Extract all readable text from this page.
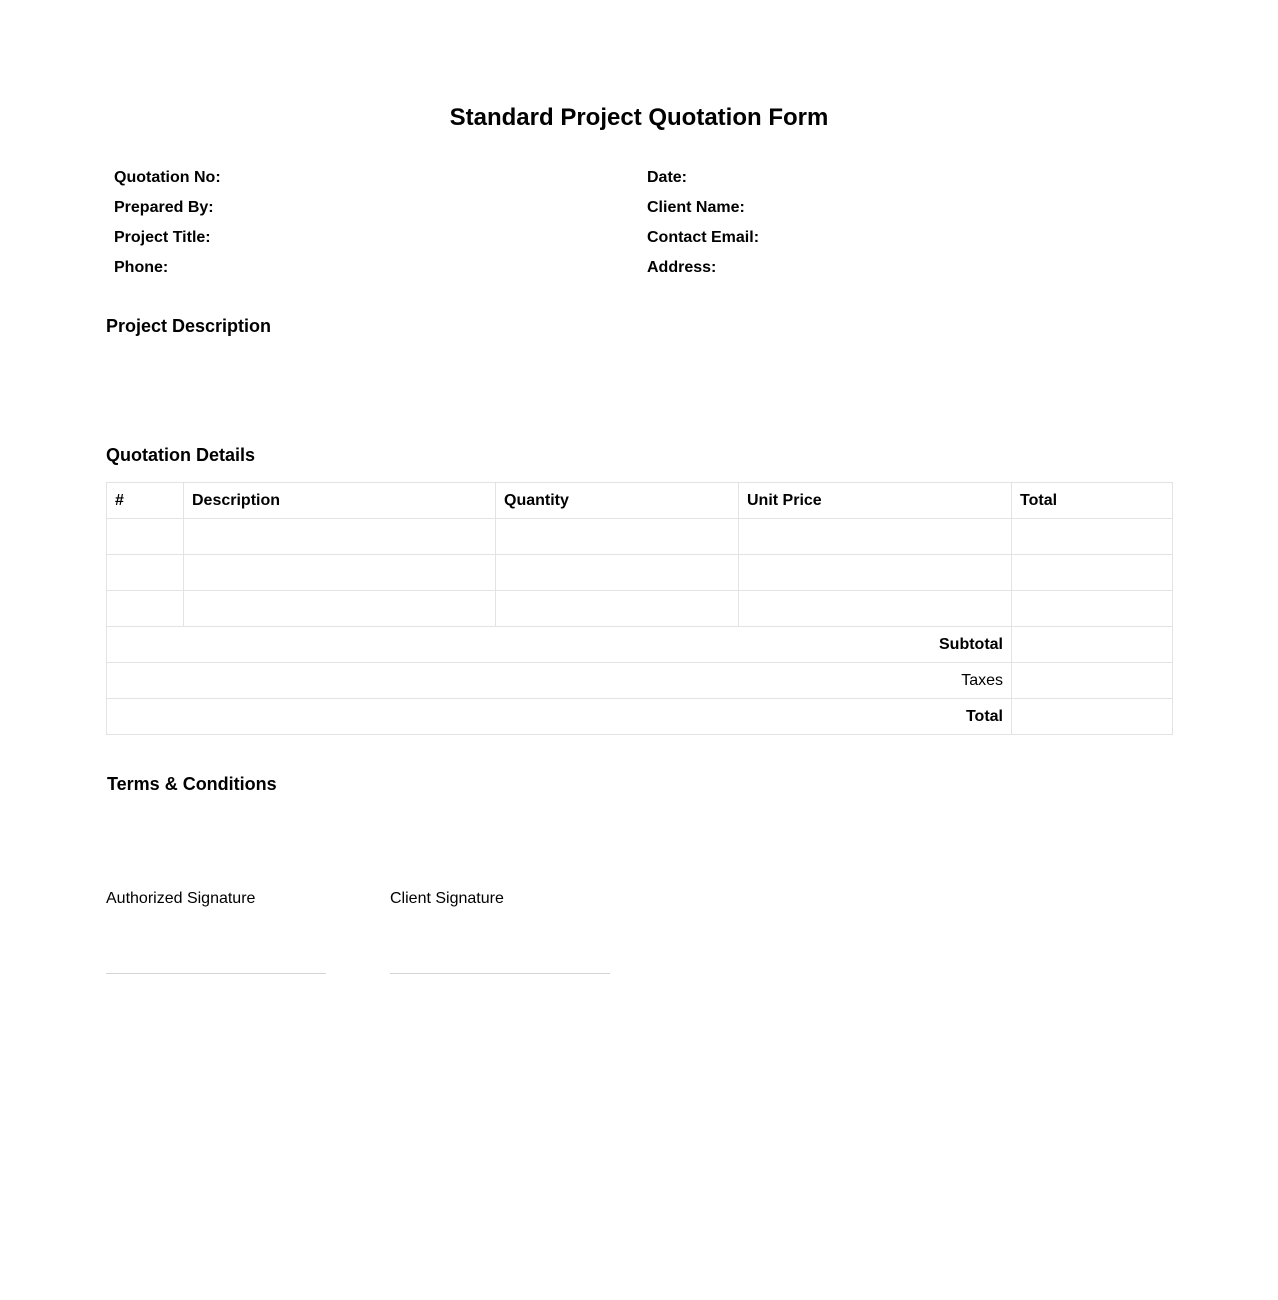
Standard Project Quotation Form
Quotation No:
Prepared By:
Project Title:
Phone:
Date:
Client Name:
Contact Email:
Address:
Project Description
Quotation Details
#	Description	Quantity	Unit Price	Total

Subtotal				
Taxes				
Total				
Terms & Conditions
Authorized Signature	Client Signature
